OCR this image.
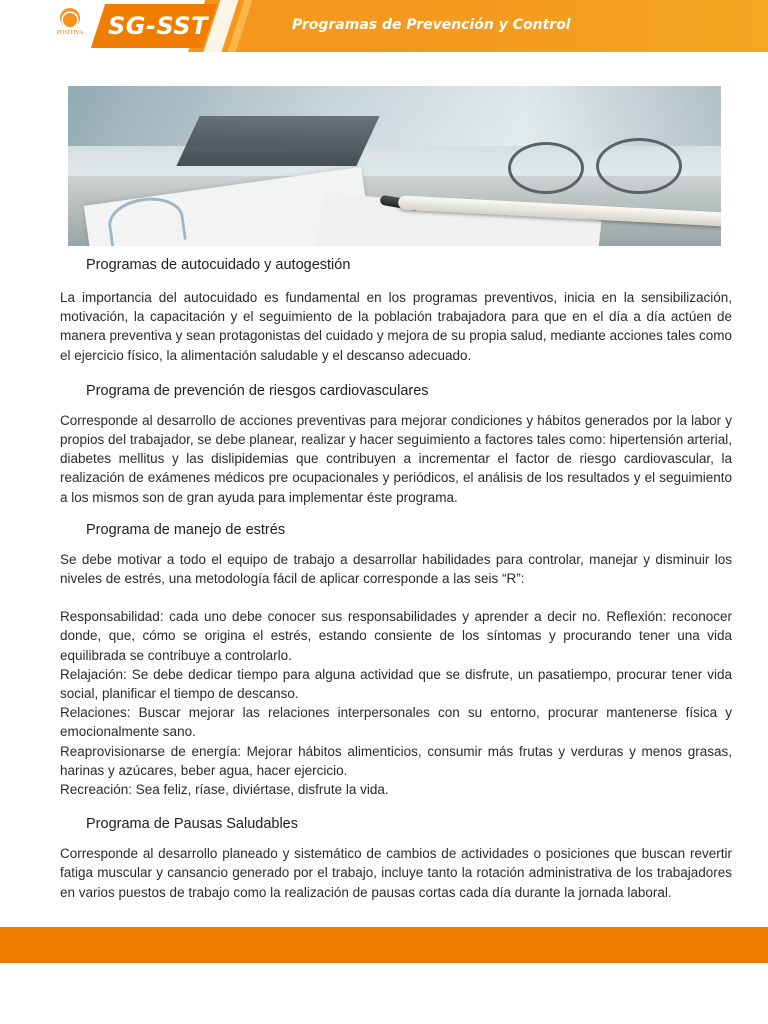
POSITIVA SG-SST	Programas de Prevención y Control
Programas de autocuidado y autogestión

La importancia del autocuidado es fundamental en los programas preventivos, inicia en la sensibilización, motivación, la capacitación y el seguimiento de la población trabajadora para que en el día a día actúen de manera preventiva y sean protagonistas del cuidado y mejora de su propia salud, mediante acciones tales como el ejercicio físico, la alimentación saludable y el descanso adecuado.

Programa de prevención de riesgos cardiovasculares

Corresponde al desarrollo de acciones preventivas para mejorar condiciones y hábitos generados por la labor y propios del trabajador, se debe planear, realizar y hacer seguimiento a factores tales como: hipertensión arterial, diabetes mellitus y las dislipidemias que contribuyen a incrementar el factor de riesgo cardiovascular, la realización de exámenes médicos pre ocupacionales y periódicos, el análisis de los resultados y el seguimiento a los mismos son de gran ayuda para implementar éste programa.

Programa de manejo de estrés

Se debe motivar a todo el equipo de trabajo a desarrollar habilidades para controlar, manejar y disminuir los niveles de estrés, una metodología fácil de aplicar corresponde a las seis “R”:

Responsabilidad: cada uno debe conocer sus responsabilidades y aprender a decir no. Reflexión: reconocer donde, que, cómo se origina el estrés, estando consiente de los síntomas y procurando tener una vida equilibrada se contribuye a controlarlo.

Relajación: Se debe dedicar tiempo para alguna actividad que se disfrute, un pasatiempo, procurar tener vida social, planificar el tiempo de descanso.

Relaciones: Buscar mejorar las relaciones interpersonales con su entorno, procurar mantenerse física y emocionalmente sano.

Reaprovisionarse de energía: Mejorar hábitos alimenticios, consumir más frutas y verduras y menos grasas, harinas y azúcares, beber agua, hacer ejercicio.

Recreación: Sea feliz, ríase, diviértase, disfrute la vida.

Programa de Pausas Saludables

Corresponde al desarrollo planeado y sistemático de cambios de actividades o posiciones que buscan revertir fatiga muscular y cansancio generado por el trabajo, incluye tanto la rotación administrativa de los trabajadores en varios puestos de trabajo como la realización de pausas cortas cada día durante la jornada laboral.
